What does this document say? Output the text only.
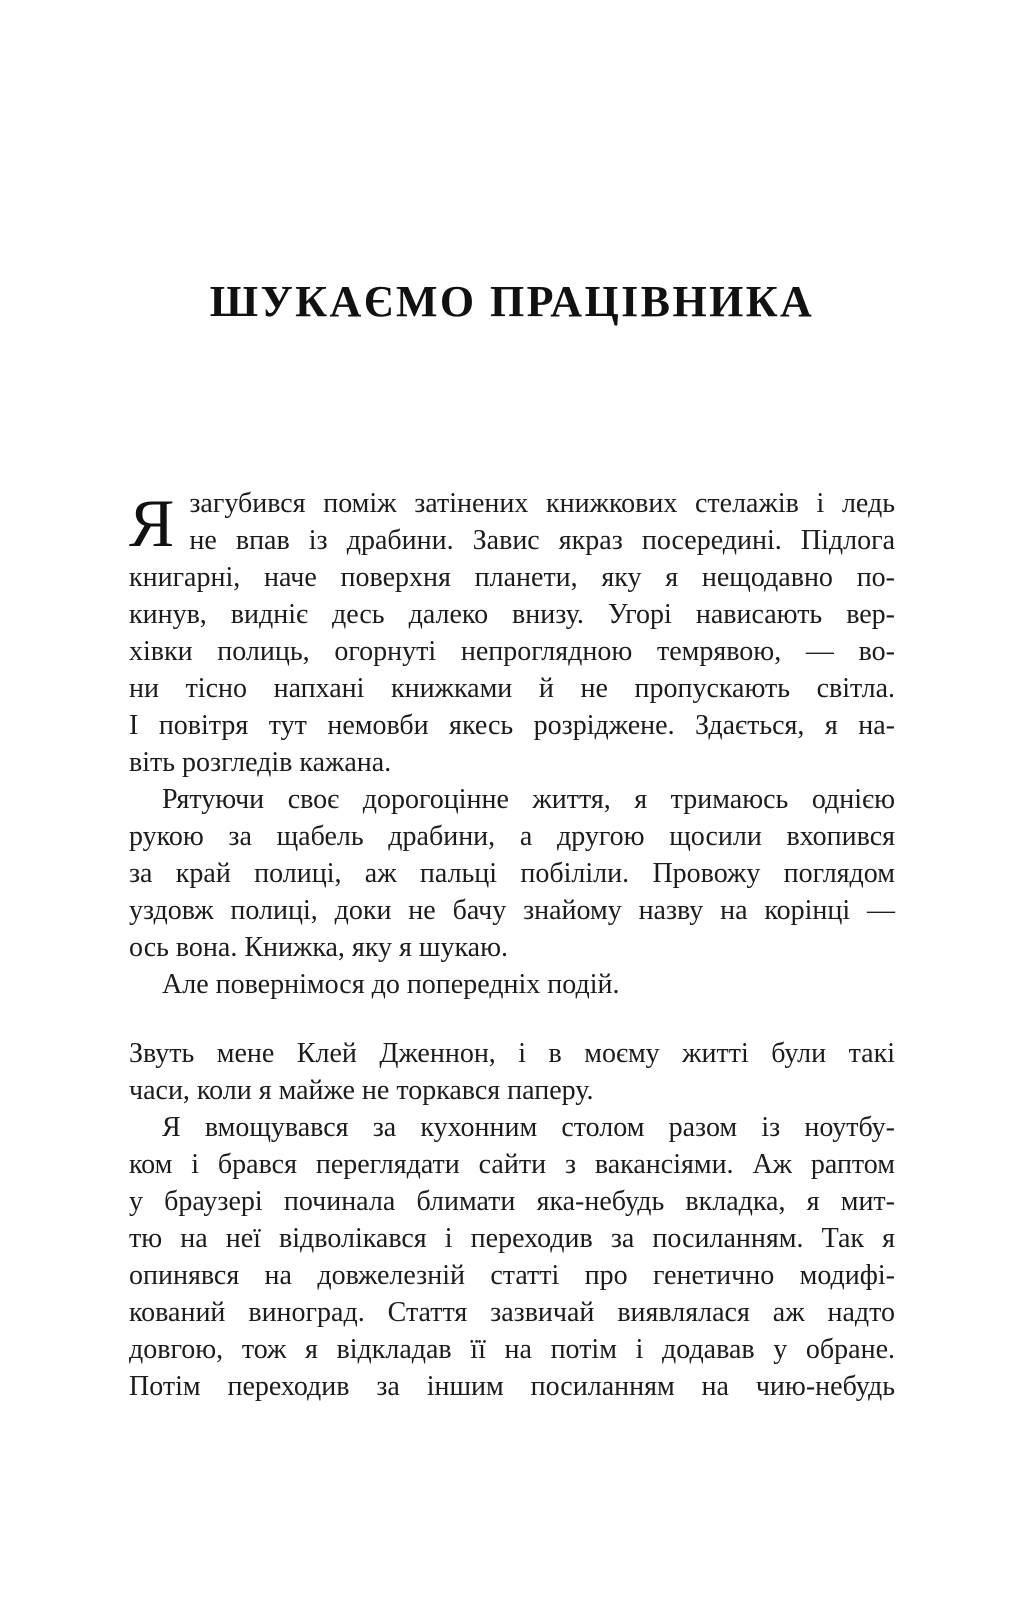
ШУКАЄМО ПРАЦІВНИКА
Я загубився поміж затінених книжкових стелажів і ледь
не впав із драбини. Завис якраз посередині. Підлога
книгарні, наче поверхня планети, яку я нещодавно по-
кинув, видніє десь далеко внизу. Угорі нависають вер-
хівки полиць, огорнуті непроглядною темрявою, — во-
ни тісно напхані книжками й не пропускають світла.
І повітря тут немовби якесь розріджене. Здається, я на-
віть розгледів кажана.
Рятуючи своє дорогоцінне життя, я тримаюсь однією
рукою за щабель драбини, а другою щосили вхопився
за край полиці, аж пальці побіліли. Провожу поглядом
уздовж полиці, доки не бачу знайому назву на корінці —
ось вона. Книжка, яку я шукаю.
Але повернімося до попередніх подій.
Звуть мене Клей Дженнон, і в моєму житті були такі
часи, коли я майже не торкався паперу.
Я вмощувався за кухонним столом разом із ноутбу-
ком і брався переглядати сайти з вакансіями. Аж раптом
у браузері починала блимати яка-небудь вкладка, я мит-
тю на неї відволікався і переходив за посиланням. Так я
опинявся на довжелезній статті про генетично модифі-
кований виноград. Стаття зазвичай виявлялася аж надто
довгою, тож я відкладав її на потім і додавав у обране.
Потім переходив за іншим посиланням на чию-небудь
